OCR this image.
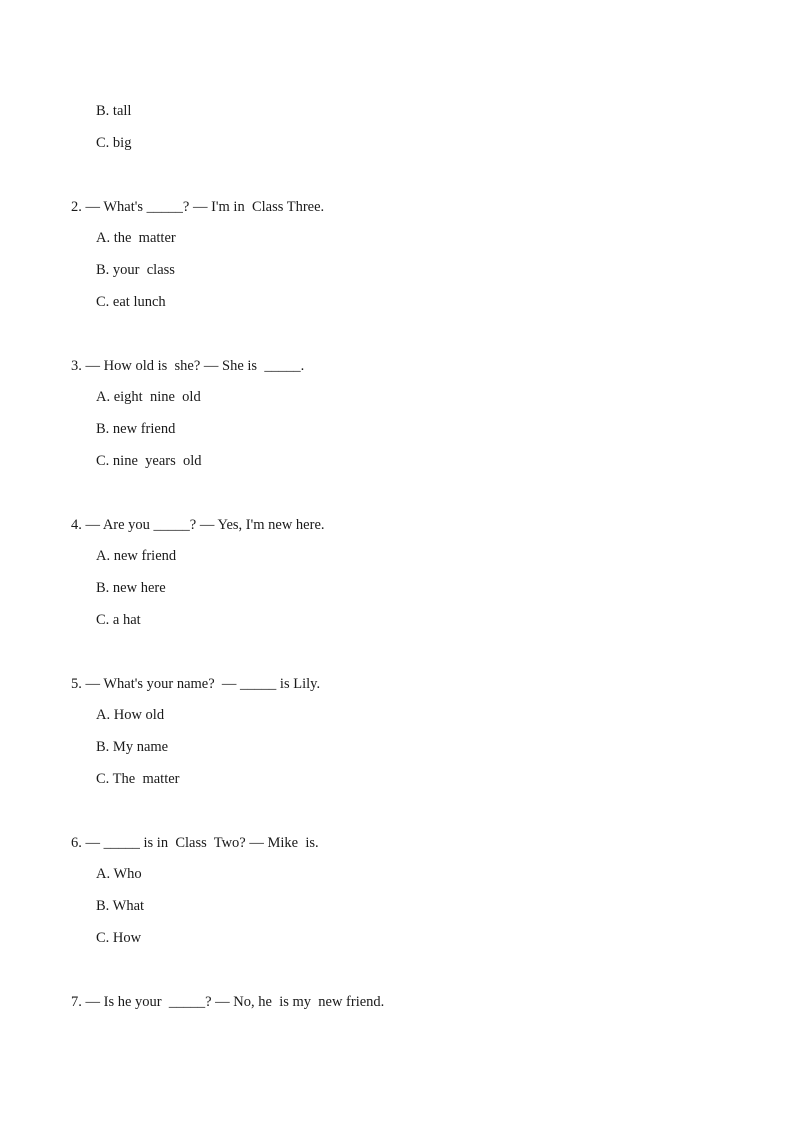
B. tall
C. big
2. — What's _____? — I'm in  Class Three.
A. the  matter
B. your  class
C. eat lunch
3. — How old is  she? — She is  _____.
A. eight  nine  old
B. new friend
C. nine  years  old
4. — Are you _____? — Yes, I'm new here.
A. new friend
B. new here
C. a hat
5. — What's your name?  — _____ is Lily.
A. How old
B. My name
C. The  matter
6. — _____ is in  Class  Two? — Mike  is.
A. Who
B. What
C. How
7. — Is he your  _____? — No, he  is my  new friend.
